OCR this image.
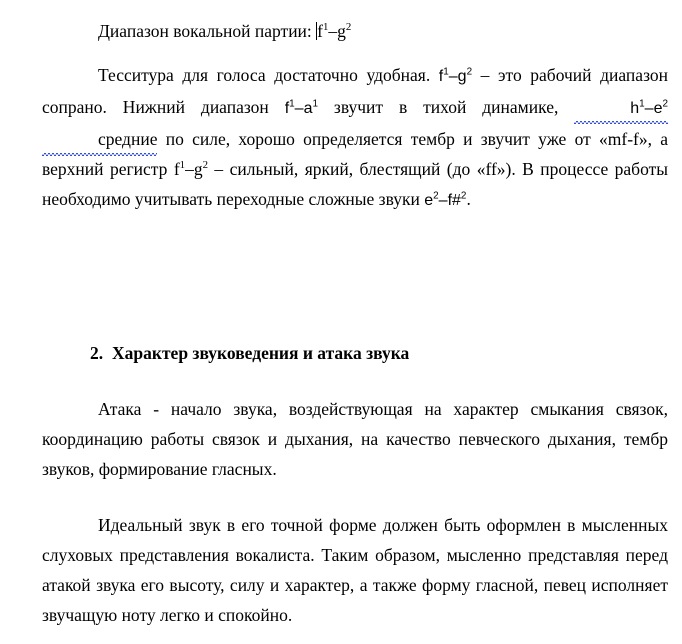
Диапазон вокальной партии: $f^1-g^2$

Тесситура для голоса достаточно удобная. $f^1-g^2$ – это рабочий диапазон сопрано. Нижний диапазон $f^1-a^1$ звучит в тихой динамике,	$h^1-e^2средние$ по силе, хорошо определяется тембр и звучит уже от «mf-f», а верхний регистр $f^1-g^2$ – сильный, яркий, блестящий (до «ff»). В процессе работы необходимо учитывать переходные сложные звуки $e^2-f\#^2$.

2. Характер звуковедения и атака звука

Атака - начало звука, воздействующая на характер смыкания связок, координацию работы связок и дыхания, на качество певческого дыхания, тембр звуков, формирование гласных.

Идеальный звук в его точной форме должен быть оформлен в мысленных слуховых представления вокалиста. Таким образом, мысленно представляя перед атакой звука его высоту, силу и характер, а также форму гласной, певец исполняет звучащую ноту легко и спокойно.
